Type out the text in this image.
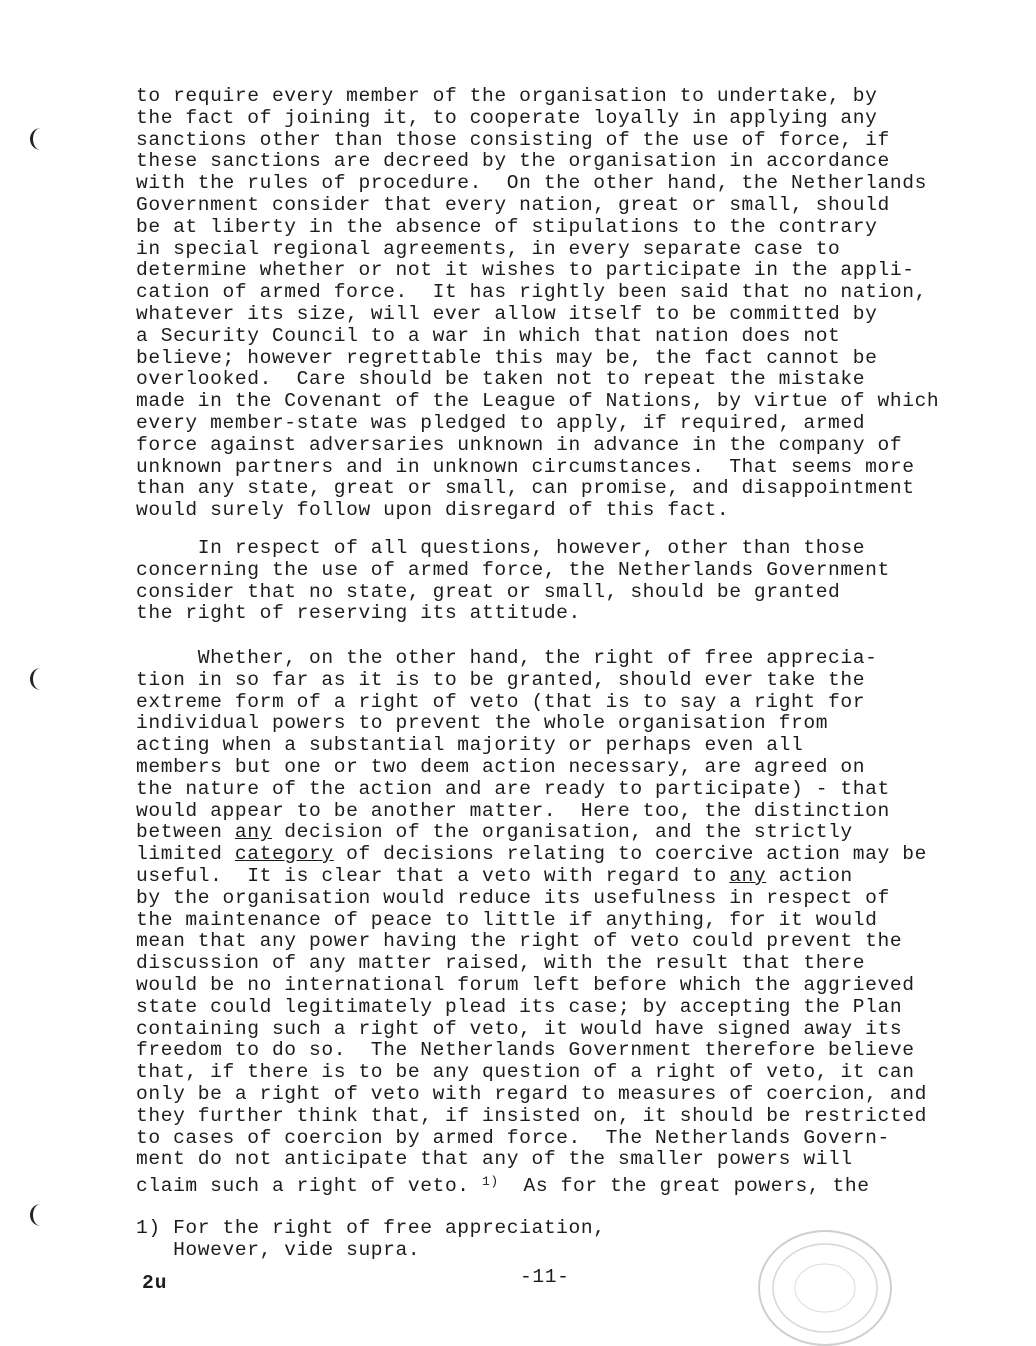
to require every member of the organisation to undertake, by
the fact of joining it, to cooperate loyally in applying any
sanctions other than those consisting of the use of force, if
these sanctions are decreed by the organisation in accordance
with the rules of procedure.  On the other hand, the Netherlands
Government consider that every nation, great or small, should
be at liberty in the absence of stipulations to the contrary
in special regional agreements, in every separate case to
determine whether or not it wishes to participate in the appli-
cation of armed force.  It has rightly been said that no nation,
whatever its size, will ever allow itself to be committed by
a Security Council to a war in which that nation does not
believe; however regrettable this may be, the fact cannot be
overlooked.  Care should be taken not to repeat the mistake
made in the Covenant of the League of Nations, by virtue of which
every member-state was pledged to apply, if required, armed
force against adversaries unknown in advance in the company of
unknown partners and in unknown circumstances.  That seems more
than any state, great or small, can promise, and disappointment
would surely follow upon disregard of this fact.
In respect of all questions, however, other than those
concerning the use of armed force, the Netherlands Government
consider that no state, great or small, should be granted
the right of reserving its attitude.
Whether, on the other hand, the right of free apprecia-
tion in so far as it is to be granted, should ever take the
extreme form of a right of veto (that is to say a right for
individual powers to prevent the whole organisation from
acting when a substantial majority or perhaps even all
members but one or two deem action necessary, are agreed on
the nature of the action and are ready to participate) - that
would appear to be another matter.  Here too, the distinction
between any decision of the organisation, and the strictly
limited category of decisions relating to coercive action may be
useful.  It is clear that a veto with regard to any action
by the organisation would reduce its usefulness in respect of
the maintenance of peace to little if anything, for it would
mean that any power having the right of veto could prevent the
discussion of any matter raised, with the result that there
would be no international forum left before which the aggrieved
state could legitimately plead its case; by accepting the Plan
containing such a right of veto, it would have signed away its
freedom to do so.  The Netherlands Government therefore believe
that, if there is to be any question of a right of veto, it can
only be a right of veto with regard to measures of coercion, and
they further think that, if insisted on, it should be restricted
to cases of coercion by armed force.  The Netherlands Govern-
ment do not anticipate that any of the smaller powers will
claim such a right of veto. $^{1)}$  As for the great powers, the
1) For the right of free appreciation,
However, vide supra.
2u	-11-
